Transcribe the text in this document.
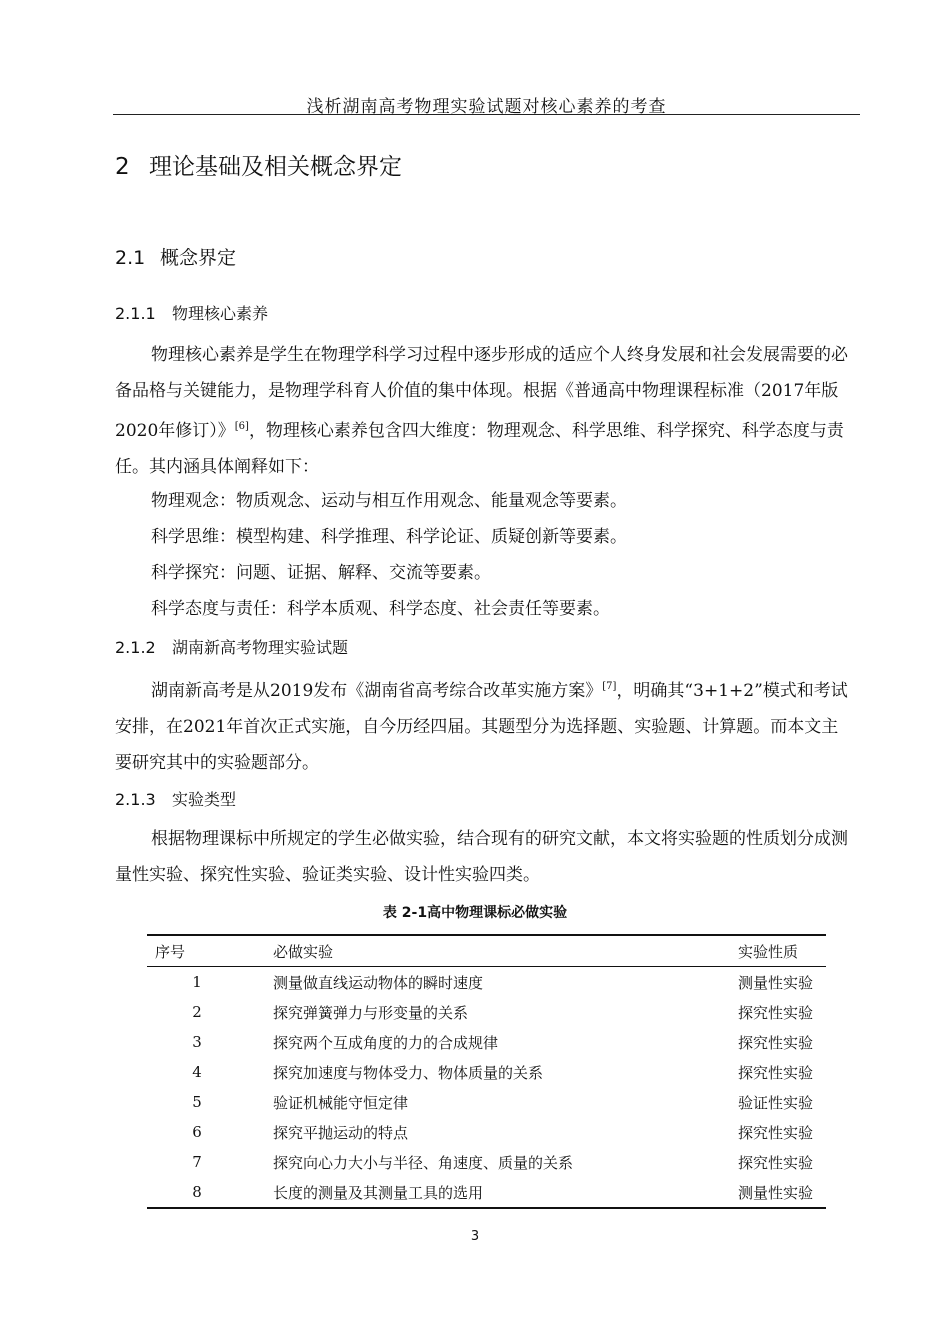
浅析湖南高考物理实验试题对核心素养的考查
2 理论基础及相关概念界定
2.1 概念界定
2.1.1 物理核心素养

物理核心素养是学生在物理学科学习过程中逐步形成的适应个人终身发展和社会发展需要的必备品格与关键能力，是物理学科育人价值的集中体现。根据《普通高中物理课程标准（2017年版2020年修订）》[6]，物理核心素养包含四大维度：物理观念、科学思维、科学探究、科学态度与责任。其内涵具体阐释如下：

物理观念：物质观念、运动与相互作用观念、能量观念等要素。
科学思维：模型构建、科学推理、科学论证、质疑创新等要素。
科学探究：问题、证据、解释、交流等要素。
科学态度与责任：科学本质观、科学态度、社会责任等要素。
2.1.2 湖南新高考物理实验试题

湖南新高考是从2019发布《湖南省高考综合改革实施方案》[7]，明确其“3+1+2”模式和考试安排，在2021年首次正式实施，自今历经四届。其题型分为选择题、实验题、计算题。而本文主要研究其中的实验题部分。

2.1.3 实验类型

根据物理课标中所规定的学生必做实验，结合现有的研究文献，本文将实验题的性质划分成测量性实验、探究性实验、验证类实验、设计性实验四类。

表 2-1高中物理课标必做实验
序号	必做实验	实验性质
1	测量做直线运动物体的瞬时速度	测量性实验
2	探究弹簧弹力与形变量的关系	探究性实验
3	探究两个互成角度的力的合成规律	探究性实验
4	探究加速度与物体受力、物体质量的关系	探究性实验
5	验证机械能守恒定律	验证性实验
6	探究平抛运动的特点	探究性实验
7	探究向心力大小与半径、角速度、质量的关系	探究性实验
8	长度的测量及其测量工具的选用	测量性实验
3
